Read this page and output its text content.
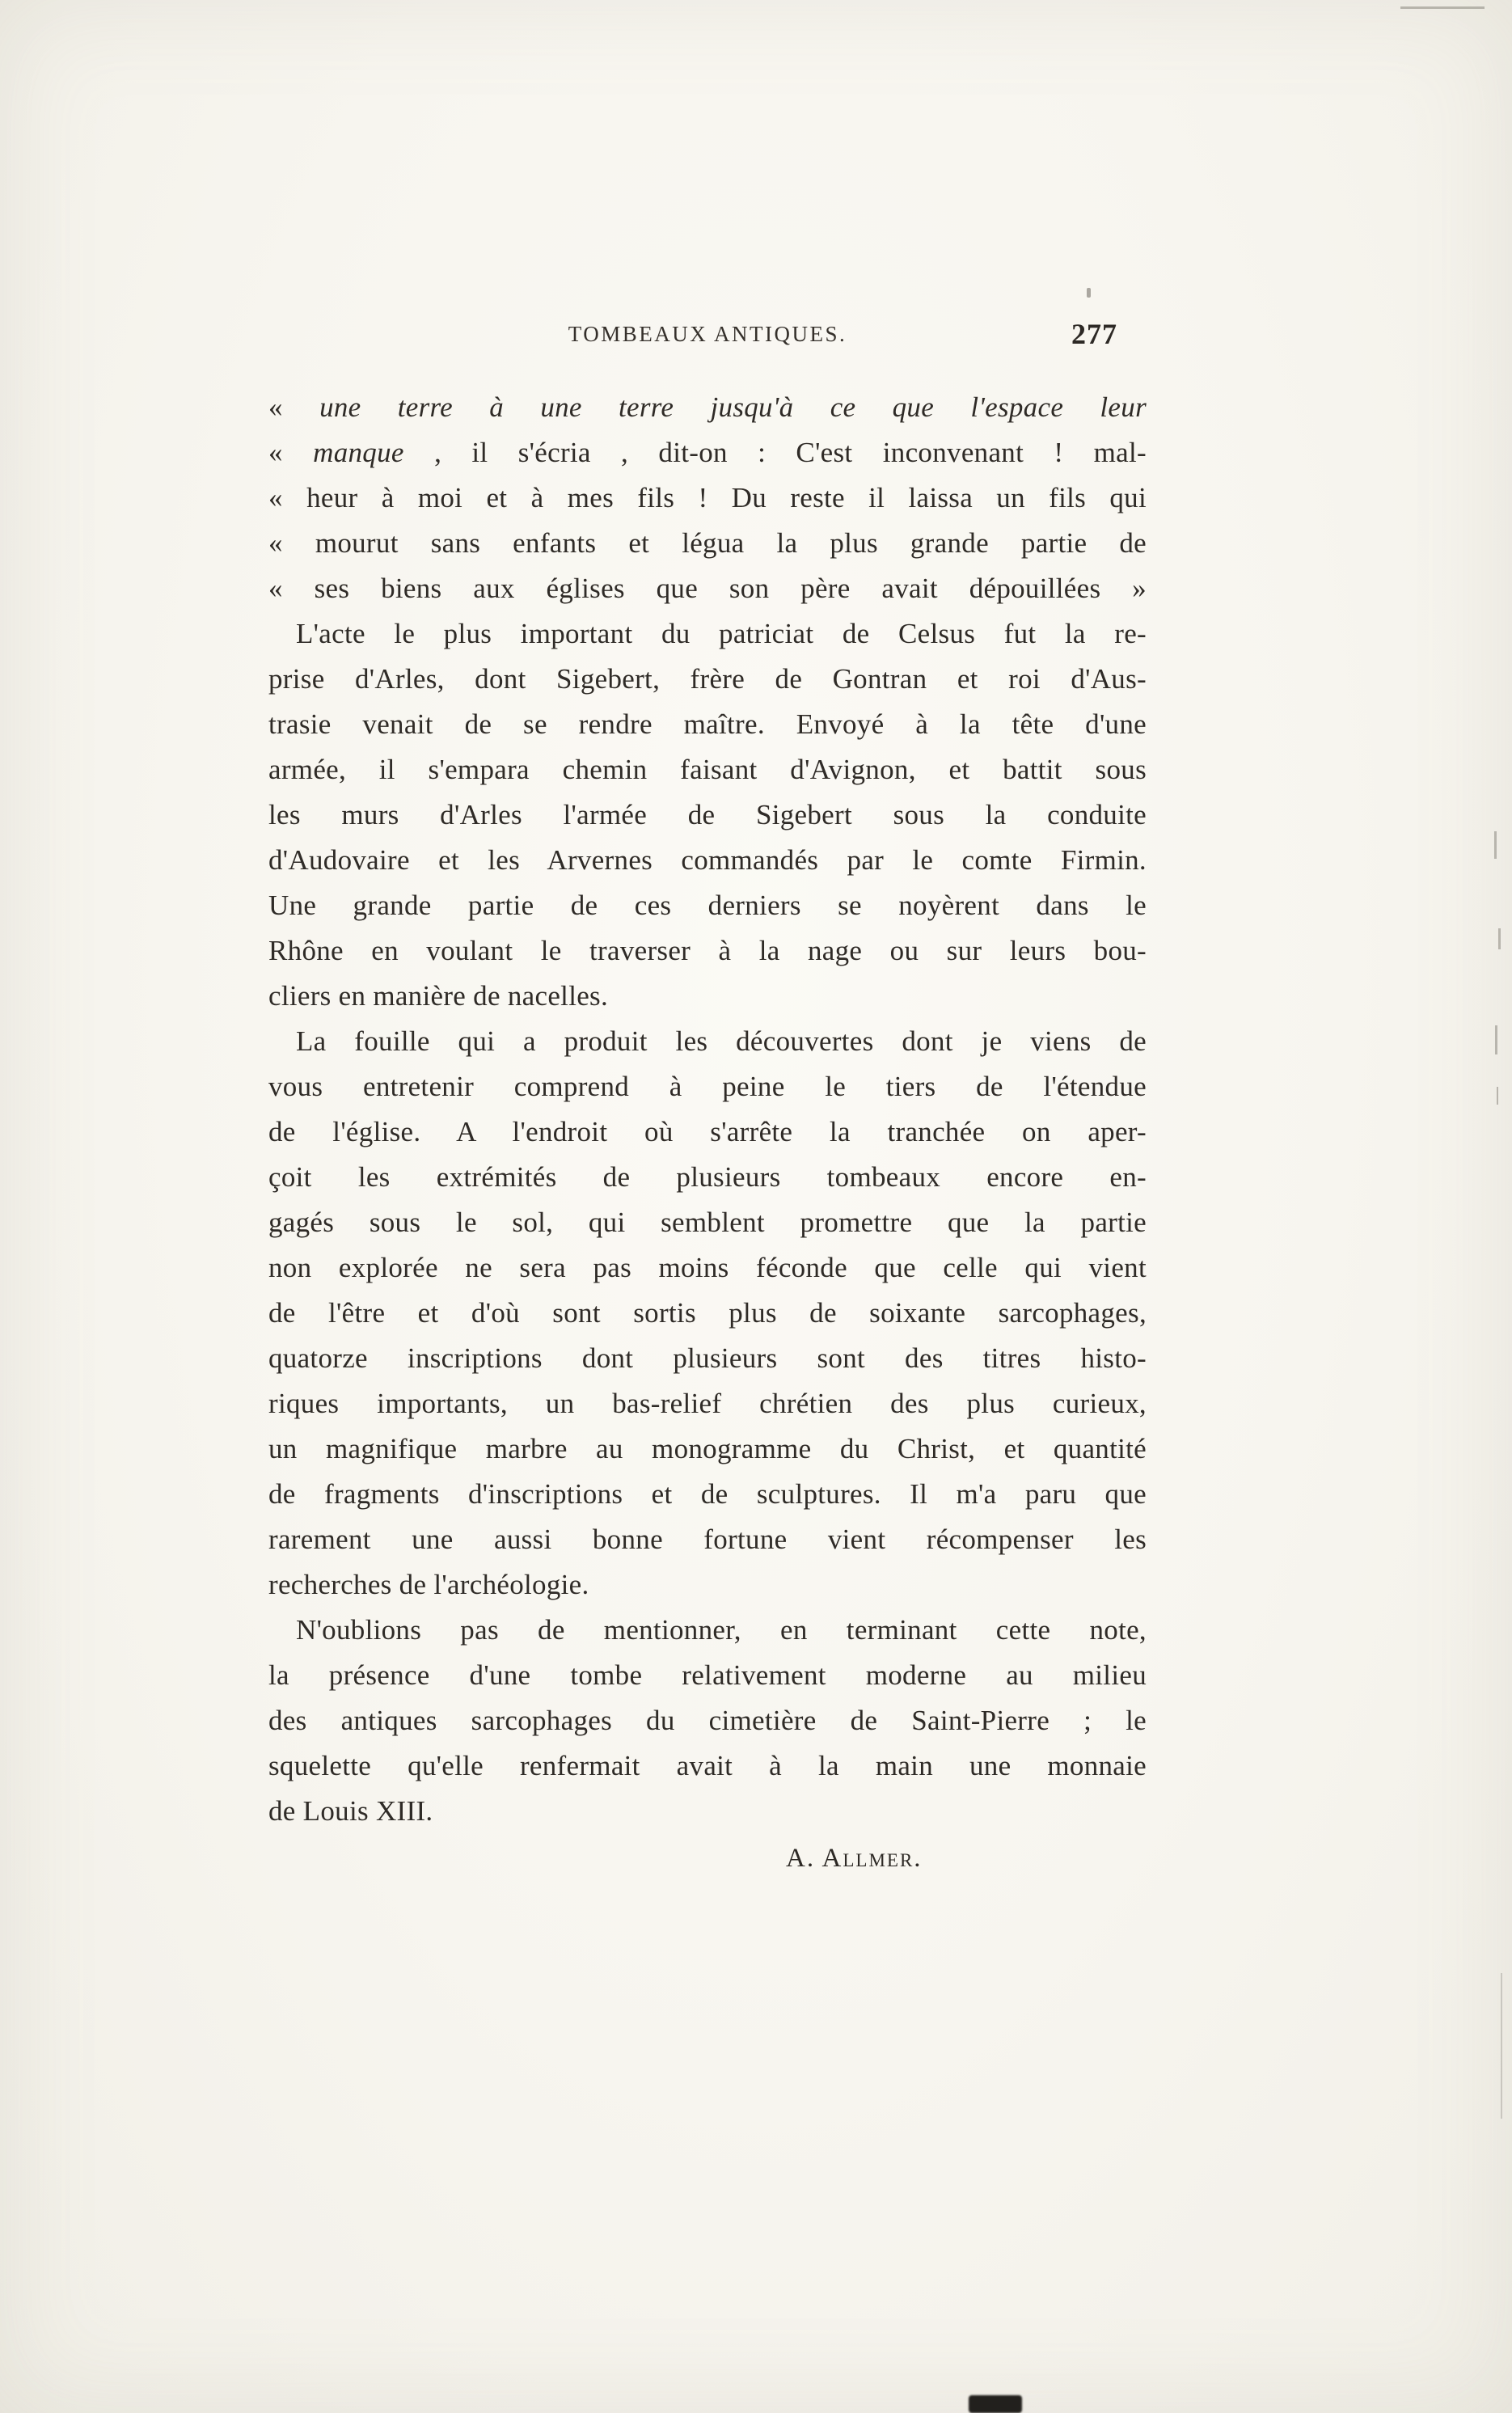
TOMBEAUX ANTIQUES.	277
« une terre à une terre jusqu'à ce que l'espace leur
« manque , il s'écria , dit-on : C'est inconvenant ! mal-
« heur à moi et à mes fils ! Du reste il laissa un fils qui
« mourut sans enfants et légua la plus grande partie de
« ses biens aux églises que son père avait dépouillées »
L'acte le plus important du patriciat de Celsus fut la re-
prise d'Arles, dont Sigebert, frère de Gontran et roi d'Aus-
trasie venait de se rendre maître. Envoyé à la tête d'une
armée, il s'empara chemin faisant d'Avignon, et battit sous
les murs d'Arles l'armée de Sigebert sous la conduite
d'Audovaire et les Arvernes commandés par le comte Firmin.
Une grande partie de ces derniers se noyèrent dans le
Rhône en voulant le traverser à la nage ou sur leurs bou-
cliers en manière de nacelles.
La fouille qui a produit les découvertes dont je viens de
vous entretenir comprend à peine le tiers de l'étendue
de l'église. A l'endroit où s'arrête la tranchée on aper-
çoit les extrémités de plusieurs tombeaux encore en-
gagés sous le sol, qui semblent promettre que la partie
non explorée ne sera pas moins féconde que celle qui vient
de l'être et d'où sont sortis plus de soixante sarcophages,
quatorze inscriptions dont plusieurs sont des titres histo-
riques importants, un bas-relief chrétien des plus curieux,
un magnifique marbre au monogramme du Christ, et quantité
de fragments d'inscriptions et de sculptures. Il m'a paru que
rarement une aussi bonne fortune vient récompenser les
recherches de l'archéologie.
N'oublions pas de mentionner, en terminant cette note,
la présence d'une tombe relativement moderne au milieu
des antiques sarcophages du cimetière de Saint-Pierre ; le
squelette qu'elle renfermait avait à la main une monnaie
de Louis XIII.
A. Allmer.
